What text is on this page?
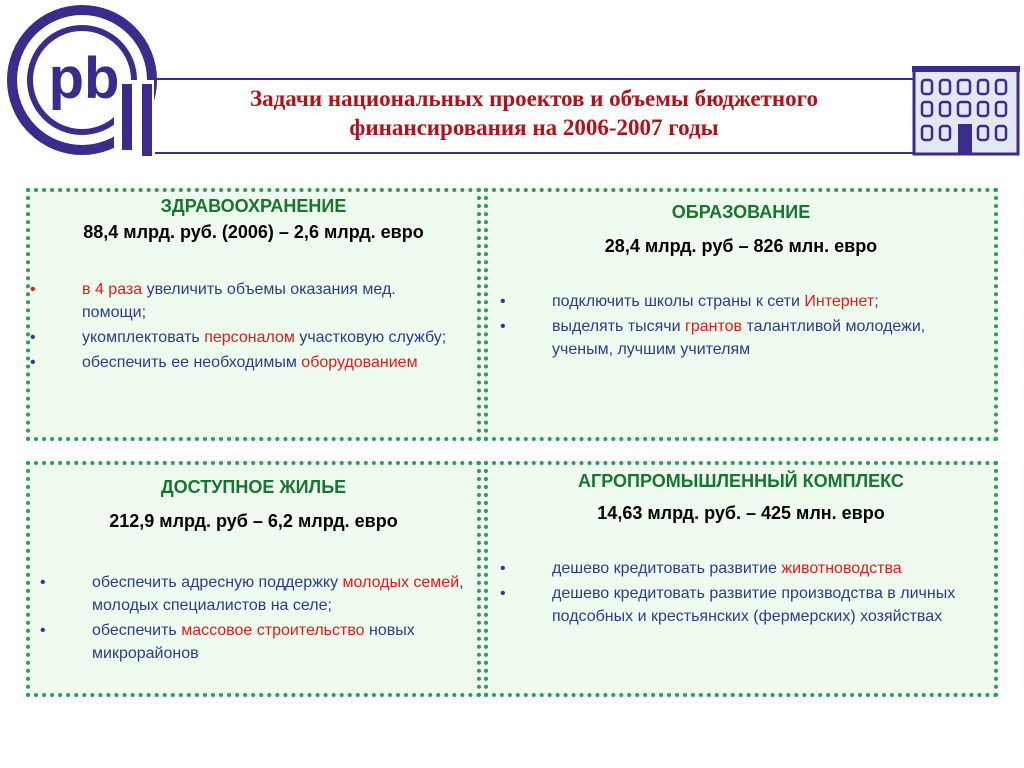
pb	Задачи национальных проектов и объемы бюджетного
финансирования на 2006-2007 годы
ЗДРАВООХРАНЕНИЕ
88,4 млрд. руб. (2006) – 2,6 млрд. евро
•	в 4 раза увеличить объемы оказания мед. помощи;
•	укомплектовать персоналом участковую службу;
•	обеспечить ее необходимым оборудованием
ОБРАЗОВАНИЕ
28,4 млрд. руб – 826 млн. евро
•	подключить школы страны к сети Интернет;
•	выделять тысячи грантов талантливой молодежи, ученым, лучшим учителям
ДОСТУПНОЕ ЖИЛЬЕ
212,9 млрд. руб – 6,2 млрд. евро
•	обеспечить адресную поддержку молодых семей, молодых специалистов на селе;
•	обеспечить массовое строительство новых микрорайонов
АГРОПРОМЫШЛЕННЫЙ КОМПЛЕКС
14,63 млрд. руб. – 425 млн. евро
•	дешево кредитовать развитие животноводства
•	дешево кредитовать развитие производства в личных подсобных и крестьянских (фермерских) хозяйствах
